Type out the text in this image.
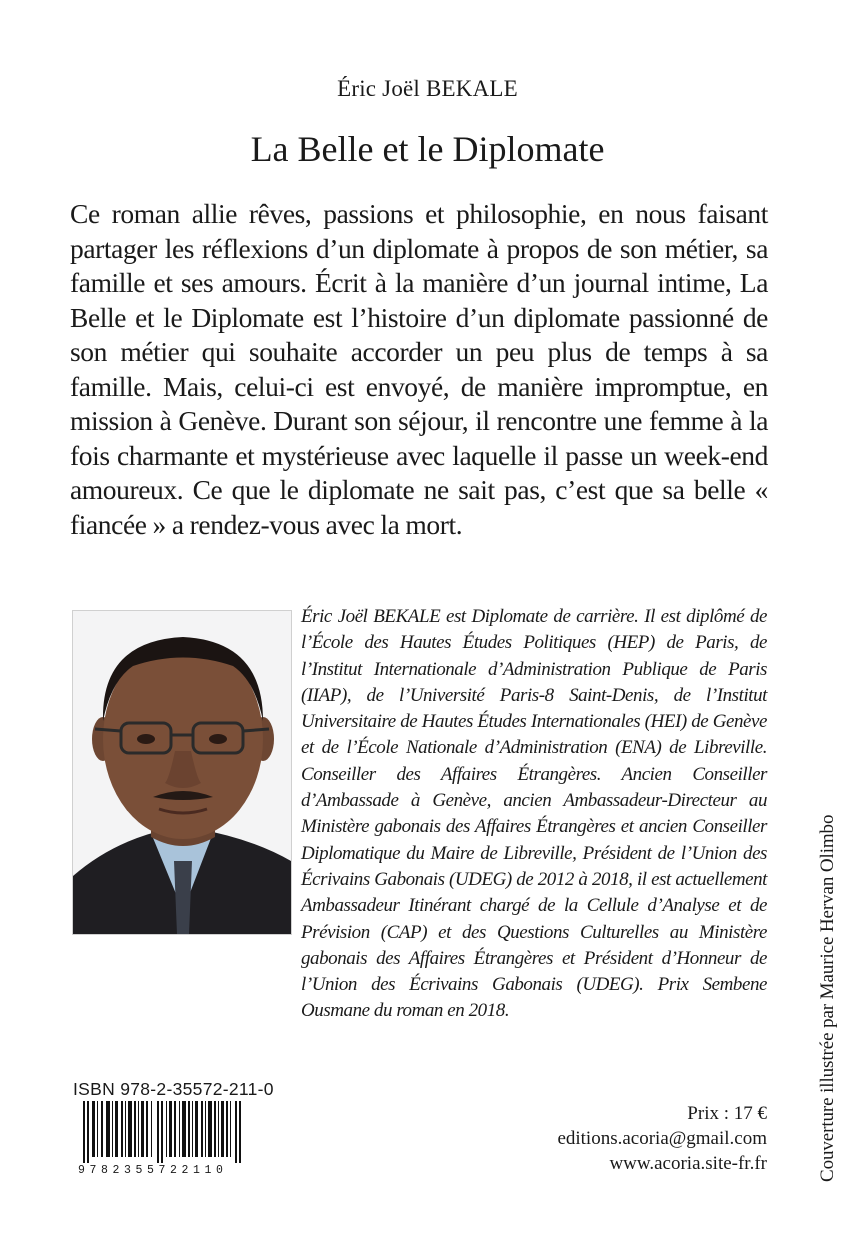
Éric Joël BEKALE
La Belle et le Diplomate

Ce roman allie rêves, passions et philosophie, en nous faisant partager les réflexions d’un diplomate à propos de son métier, sa famille et ses amours. Écrit à la manière d’un journal intime, La Belle et le Diplomate est l’histoire d’un diplomate passionné de son métier qui souhaite accorder un peu plus de temps à sa famille. Mais, celui-ci est envoyé, de manière impromptue, en mission à Genève. Durant son séjour, il rencontre une femme à la fois charmante et mystérieuse avec laquelle il passe un week-end amoureux. Ce que le diplomate ne sait pas, c’est que sa belle « fiancée » a rendez-vous avec la mort.

Éric Joël BEKALE est Diplomate de carrière. Il est diplômé de l’École des Hautes Études Politiques (HEP) de Paris, de l’Institut Internationale d’Administration Publique de Paris (IIAP), de l’Université Paris-8 Saint-Denis, de l’Institut Universitaire de Hautes Études Internationales (HEI) de Genève et de l’École Nationale d’Administration (ENA) de Libreville. Conseiller des Affaires Étrangères. Ancien Conseiller d’Ambassade à Genève, ancien Ambassadeur-Directeur au Ministère gabonais des Affaires Étrangères et ancien Conseiller Diplomatique du Maire de Libreville, Président de l’Union des Écrivains Gabonais (UDEG) de 2012 à 2018, il est actuellement Ambassadeur Itinérant chargé de la Cellule d’Analyse et de Prévision (CAP) et des Questions Culturelles au Ministère gabonais des Affaires Étrangères et Président d’Honneur de l’Union des Écrivains Gabonais (UDEG). Prix Sembene Ousmane du roman en 2018.

ISBN 978-2-35572-211-0
9782355722110
Prix : 17 €
editions.acoria@gmail.com
www.acoria.site-fr.fr	Couverture illustrée par Maurice Hervan Olimbo
